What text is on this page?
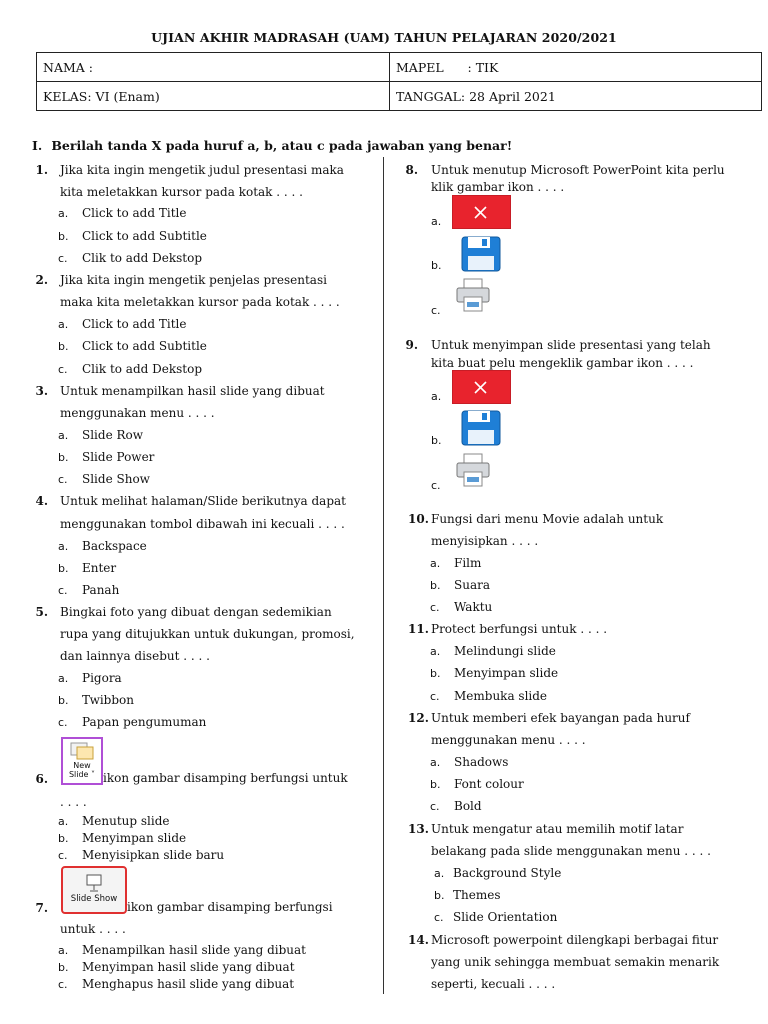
UJIAN AKHIR MADRASAH (UAM) TAHUN PELAJARAN 2020/2021
NAMA :	MAPEL      : TIK
KELAS: VI (Enam)	TANGGAL: 28 April 2021
I. Berilah tanda X pada huruf a, b, atau c pada jawaban yang benar!
1. Jika kita ingin mengetik judul presentasi maka
kita meletakkan kursor pada kotak . . . .
a. Click to add Title
b. Click to add Subtitle
c. Clik to add Dekstop
2. Jika kita ingin mengetik penjelas presentasi
maka kita meletakkan kursor pada kotak . . . .
a. Click to add Title
b. Click to add Subtitle
c. Clik to add Dekstop
3. Untuk menampilkan hasil slide yang dibuat
menggunakan menu . . . .
a. Slide Row
b. Slide Power
c. Slide Show
4. Untuk melihat halaman/Slide berikutnya dapat
menggunakan tombol dibawah ini kecuali . . . .
a. Backspace
b. Enter
c. Panah
5. Bingkai foto yang dibuat dengan sedemikian
rupa yang ditujukkan untuk dukungan, promosi,
dan lainnya disebut . . . .
a. Pigora
b. Twibbon
c. Papan pengumuman
New
Slide ˅
6.	ikon gambar disamping berfungsi untuk
. . . .
a. Menutup slide
b. Menyimpan slide
c. Menyisipkan slide baru
Slide Show
7.	ikon gambar disamping berfungsi
untuk . . . .
a. Menampilkan hasil slide yang dibuat
b. Menyimpan hasil slide yang dibuat
c. Menghapus hasil slide yang dibuat
8. Untuk menutup Microsoft PowerPoint kita perlu
klik gambar ikon . . . .
a.
b.
c.
9. Untuk menyimpan slide presentasi yang telah
kita buat pelu mengeklik gambar ikon . . . .
a.
b.
c.
10. Fungsi dari menu Movie adalah untuk
menyisipkan . . . .
a. Film
b. Suara
c. Waktu
11. Protect berfungsi untuk . . . .
a. Melindungi slide
b. Menyimpan slide
c. Membuka slide
12. Untuk memberi efek bayangan pada huruf
menggunakan menu . . . .
a. Shadows
b. Font colour
c. Bold
13. Untuk mengatur atau memilih motif latar
belakang pada slide menggunakan menu . . . .
a. Background Style
b. Themes
c. Slide Orientation
14. Microsoft powerpoint dilengkapi berbagai fitur
yang unik sehingga membuat semakin menarik
seperti, kecuali . . . .
